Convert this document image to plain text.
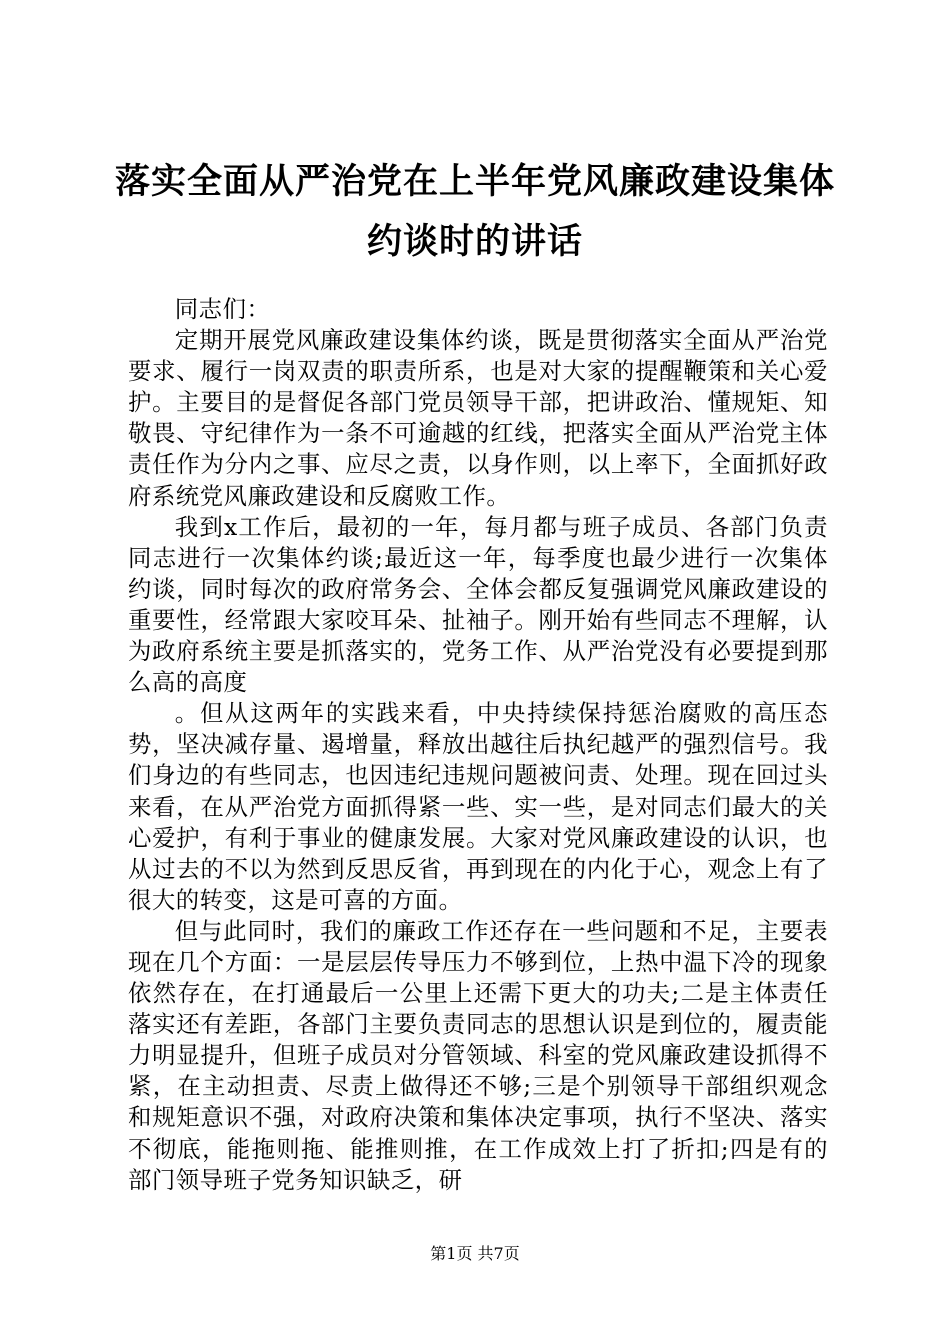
落实全面从严治党在上半年党风廉政建设集体
约谈时的讲话

同志们：

定期开展党风廉政建设集体约谈，既是贯彻落实全面从严治党要求、履行一岗双责的职责所系，也是对大家的提醒鞭策和关心爱护。主要目的是督促各部门党员领导干部，把讲政治、懂规矩、知敬畏、守纪律作为一条不可逾越的红线，把落实全面从严治党主体责任作为分内之事、应尽之责，以身作则，以上率下，全面抓好政府系统党风廉政建设和反腐败工作。

我到x工作后，最初的一年，每月都与班子成员、各部门负责同志进行一次集体约谈;最近这一年，每季度也最少进行一次集体约谈，同时每次的政府常务会、全体会都反复强调党风廉政建设的重要性，经常跟大家咬耳朵、扯袖子。刚开始有些同志不理解，认为政府系统主要是抓落实的，党务工作、从严治党没有必要提到那么高的高度

。但从这两年的实践来看，中央持续保持惩治腐败的高压态势，坚决减存量、遏增量，释放出越往后执纪越严的强烈信号。我们身边的有些同志，也因违纪违规问题被问责、处理。现在回过头来看，在从严治党方面抓得紧一些、实一些，是对同志们最大的关心爱护，有利于事业的健康发展。大家对党风廉政建设的认识，也从过去的不以为然到反思反省，再到现在的内化于心，观念上有了很大的转变，这是可喜的方面。

但与此同时，我们的廉政工作还存在一些问题和不足，主要表现在几个方面：一是层层传导压力不够到位，上热中温下冷的现象依然存在，在打通最后一公里上还需下更大的功夫;二是主体责任落实还有差距，各部门主要负责同志的思想认识是到位的，履责能力明显提升，但班子成员对分管领域、科室的党风廉政建设抓得不紧，在主动担责、尽责上做得还不够;三是个别领导干部组织观念和规矩意识不强，对政府决策和集体决定事项，执行不坚决、落实不彻底，能拖则拖、能推则推，在工作成效上打了折扣;四是有的部门领导班子党务知识缺乏，研

第1页 共7页
